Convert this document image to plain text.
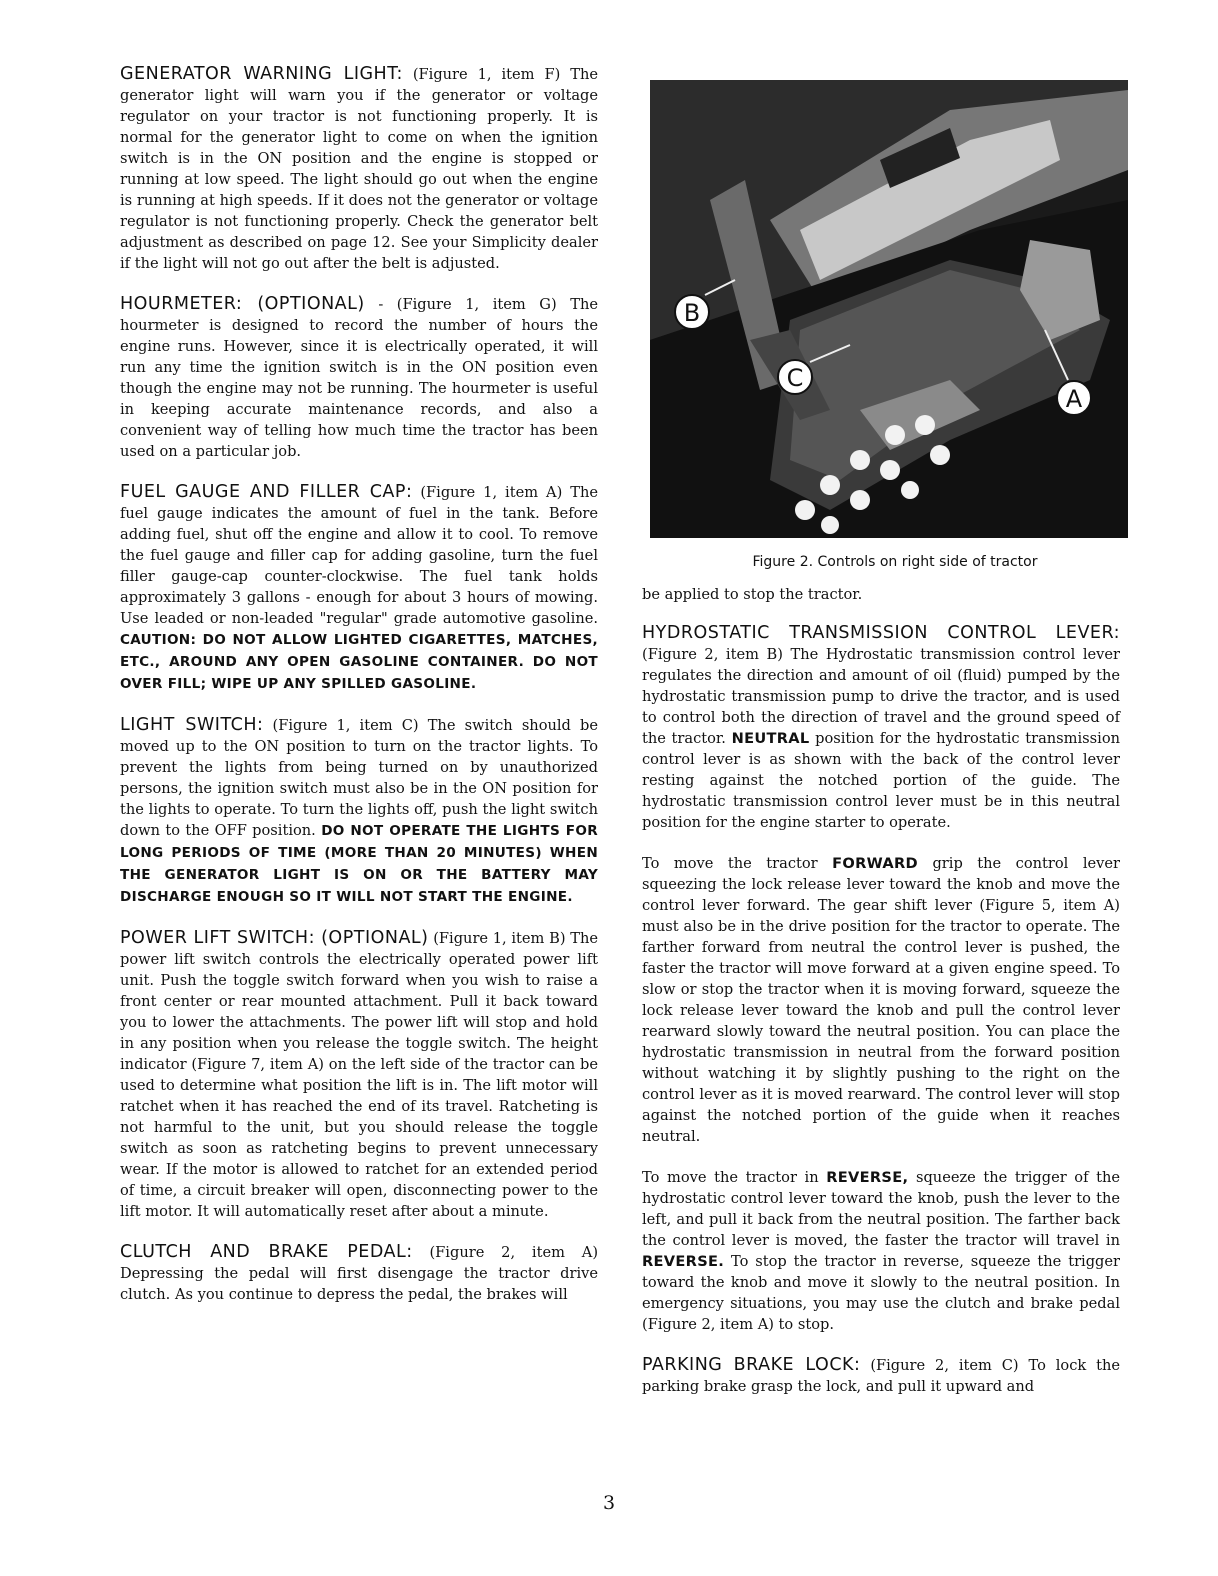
GENERATOR WARNING LIGHT: (Figure 1, item F) The generator light will warn you if the generator or voltage regulator on your tractor is not functioning properly. It is normal for the generator light to come on when the ignition switch is in the ON position and the engine is stopped or running at low speed. The light should go out when the engine is running at high speeds. If it does not the generator or voltage regulator is not functioning properly. Check the generator belt adjustment as described on page 12. See your Simplicity dealer if the light will not go out after the belt is adjusted.

HOURMETER: (OPTIONAL) - (Figure 1, item G) The hourmeter is designed to record the number of hours the engine runs. However, since it is electrically operated, it will run any time the ignition switch is in the ON position even though the engine may not be running. The hourmeter is useful in keeping accurate maintenance records, and also a convenient way of telling how much time the tractor has been used on a particular job.

FUEL GAUGE AND FILLER CAP: (Figure 1, item A) The fuel gauge indicates the amount of fuel in the tank. Before adding fuel, shut off the engine and allow it to cool. To remove the fuel gauge and filler cap for adding gasoline, turn the fuel filler gauge-cap counter-clockwise. The fuel tank holds approximately 3 gallons - enough for about 3 hours of mowing. Use leaded or non-leaded "regular" grade automotive gasoline. CAUTION: DO NOT ALLOW LIGHTED CIGARETTES, MATCHES, ETC., AROUND ANY OPEN GASOLINE CONTAINER. DO NOT OVER FILL; WIPE UP ANY SPILLED GASOLINE.

LIGHT SWITCH: (Figure 1, item C) The switch should be moved up to the ON position to turn on the tractor lights. To prevent the lights from being turned on by unauthorized persons, the ignition switch must also be in the ON position for the lights to operate. To turn the lights off, push the light switch down to the OFF position. DO NOT OPERATE THE LIGHTS FOR LONG PERIODS OF TIME (MORE THAN 20 MINUTES) WHEN THE GENERATOR LIGHT IS ON OR THE BATTERY MAY DISCHARGE ENOUGH SO IT WILL NOT START THE ENGINE.

POWER LIFT SWITCH: (OPTIONAL) (Figure 1, item B) The power lift switch controls the electrically operated power lift unit. Push the toggle switch forward when you wish to raise a front center or rear mounted attachment. Pull it back toward you to lower the attachments. The power lift will stop and hold in any position when you release the toggle switch. The height indicator (Figure 7, item A) on the left side of the tractor can be used to determine what position the lift is in. The lift motor will ratchet when it has reached the end of its travel. Ratcheting is not harmful to the unit, but you should release the toggle switch as soon as ratcheting begins to prevent unnecessary wear. If the motor is allowed to ratchet for an extended period of time, a circuit breaker will open, disconnecting power to the lift motor. It will automatically reset after about a minute.

CLUTCH AND BRAKE PEDAL: (Figure 2, item A) Depressing the pedal will first disengage the tractor drive clutch. As you continue to depress the pedal, the brakes will

B
C
A
Figure 2. Controls on right side of tractor

be applied to stop the tractor.

HYDROSTATIC TRANSMISSION CONTROL LEVER: (Figure 2, item B) The Hydrostatic transmission control lever regulates the direction and amount of oil (fluid) pumped by the hydrostatic transmission pump to drive the tractor, and is used to control both the direction of travel and the ground speed of the tractor. NEUTRAL position for the hydrostatic transmission control lever is as shown with the back of the control lever resting against the notched portion of the guide. The hydrostatic transmission control lever must be in this neutral position for the engine starter to operate.

To move the tractor FORWARD grip the control lever squeezing the lock release lever toward the knob and move the control lever forward. The gear shift lever (Figure 5, item A) must also be in the drive position for the tractor to operate. The farther forward from neutral the control lever is pushed, the faster the tractor will move forward at a given engine speed. To slow or stop the tractor when it is moving forward, squeeze the lock release lever toward the knob and pull the control lever rearward slowly toward the neutral position. You can place the hydrostatic transmission in neutral from the forward position without watching it by slightly pushing to the right on the control lever as it is moved rearward. The control lever will stop against the notched portion of the guide when it reaches neutral.

To move the tractor in REVERSE, squeeze the trigger of the hydrostatic control lever toward the knob, push the lever to the left, and pull it back from the neutral position. The farther back the control lever is moved, the faster the tractor will travel in REVERSE. To stop the tractor in reverse, squeeze the trigger toward the knob and move it slowly to the neutral position. In emergency situations, you may use the clutch and brake pedal (Figure 2, item A) to stop.

PARKING BRAKE LOCK: (Figure 2, item C) To lock the parking brake grasp the lock, and pull it upward and

3
